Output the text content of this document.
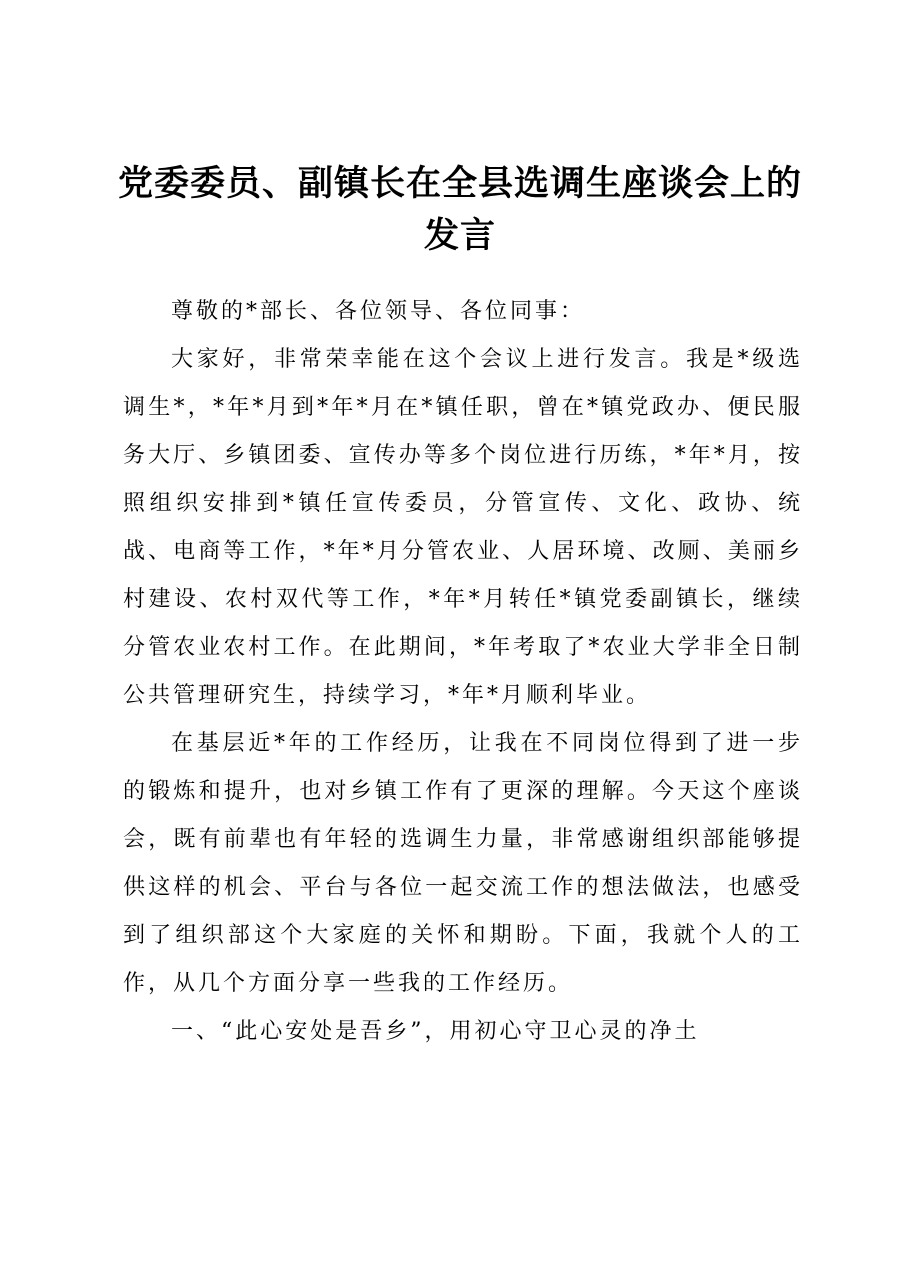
党委委员、副镇长在全县选调生座谈会上的发言

尊敬的*部长、各位领导、各位同事：

大家好，非常荣幸能在这个会议上进行发言。我是*级选调生*，*年*月到*年*月在*镇任职，曾在*镇党政办、便民服务大厅、乡镇团委、宣传办等多个岗位进行历练，*年*月，按照组织安排到*镇任宣传委员，分管宣传、文化、政协、统战、电商等工作，*年*月分管农业、人居环境、改厕、美丽乡村建设、农村双代等工作，*年*月转任*镇党委副镇长，继续分管农业农村工作。在此期间，*年考取了*农业大学非全日制公共管理研究生，持续学习，*年*月顺利毕业。

在基层近*年的工作经历，让我在不同岗位得到了进一步的锻炼和提升，也对乡镇工作有了更深的理解。今天这个座谈会，既有前辈也有年轻的选调生力量，非常感谢组织部能够提供这样的机会、平台与各位一起交流工作的想法做法，也感受到了组织部这个大家庭的关怀和期盼。下面，我就个人的工作，从几个方面分享一些我的工作经历。

一、“此心安处是吾乡”，用初心守卫心灵的净土
